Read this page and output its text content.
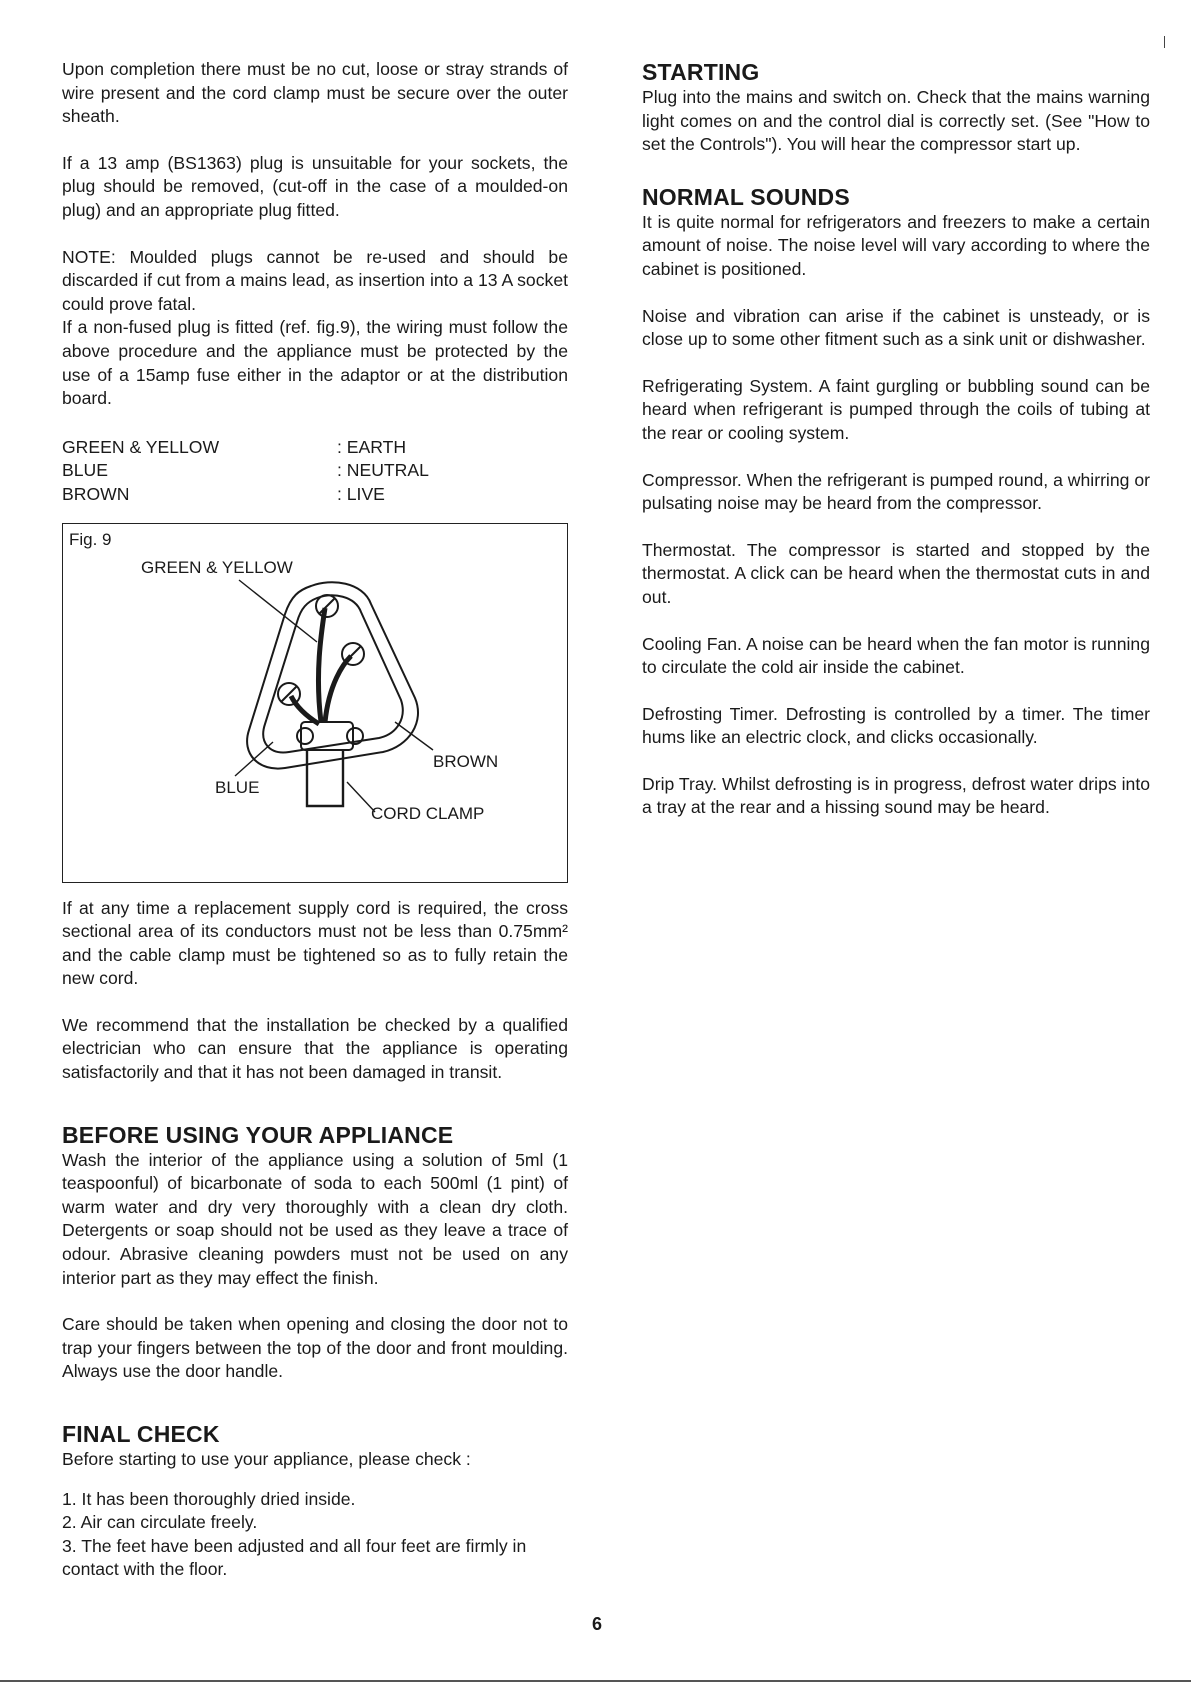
Upon completion there must be no cut, loose or stray strands of wire present and the cord clamp must be secure over the outer sheath.

If a 13 amp (BS1363) plug is unsuitable for your sockets, the plug should be removed, (cut-off in the case of a moulded-on plug) and an appropriate plug fitted.

NOTE: Moulded plugs cannot be re-used and should be discarded if cut from a mains lead, as insertion into a 13 A socket could prove fatal.

If a non-fused plug is fitted (ref. fig.9), the wiring must follow the above procedure and the appliance must be protected by the use of a 15amp fuse either in the adaptor or at the distribution board.

GREEN & YELLOW	: EARTH
BLUE	: NEUTRAL
BROWN	: LIVE
Fig. 9
GREEN & YELLOW
BLUE
BROWN
CORD CLAMP

If at any time a replacement supply cord is required, the cross sectional area of its conductors must not be less than 0.75mm² and the cable clamp must be tightened so as to fully retain the new cord.

We recommend that the installation be checked by a qualified electrician who can ensure that the appliance is operating satisfactorily and that it has not been damaged in transit.

BEFORE USING YOUR APPLIANCE

Wash the interior of the appliance using a solution of 5ml (1 teaspoonful) of bicarbonate of soda to each 500ml (1 pint) of warm water and dry very thoroughly with a clean dry cloth. Detergents or soap should not be used as they leave a trace of odour. Abrasive cleaning powders must not be used on any interior part as they may effect the finish.

Care should be taken when opening and closing the door not to trap your fingers between the top of the door and front moulding. Always use the door handle.

FINAL CHECK

Before starting to use your appliance, please check :

1. It has been thoroughly dried inside.
2. Air can circulate freely.
3. The feet have been adjusted and all four feet are firmly in contact with the floor.
STARTING

Plug into the mains and switch on. Check that the mains warning light comes on and the control dial is correctly set. (See "How to set the Controls"). You will hear the compressor start up.

NORMAL SOUNDS

It is quite normal for refrigerators and freezers to make a certain amount of noise. The noise level will vary according to where the cabinet is positioned.

Noise and vibration can arise if the cabinet is unsteady, or is close up to some other fitment such as a sink unit or dishwasher.

Refrigerating System. A faint gurgling or bubbling sound can be heard when refrigerant is pumped through the coils of tubing at the rear or cooling system.

Compressor. When the refrigerant is pumped round, a whirring or pulsating noise may be heard from the compressor.

Thermostat. The compressor is started and stopped by the thermostat. A click can be heard when the thermostat cuts in and out.

Cooling Fan. A noise can be heard when the fan motor is running to circulate the cold air inside the cabinet.

Defrosting Timer. Defrosting is controlled by a timer. The timer hums like an electric clock, and clicks occasionally.

Drip Tray. Whilst defrosting is in progress, defrost water drips into a tray at the rear and a hissing sound may be heard.

6
